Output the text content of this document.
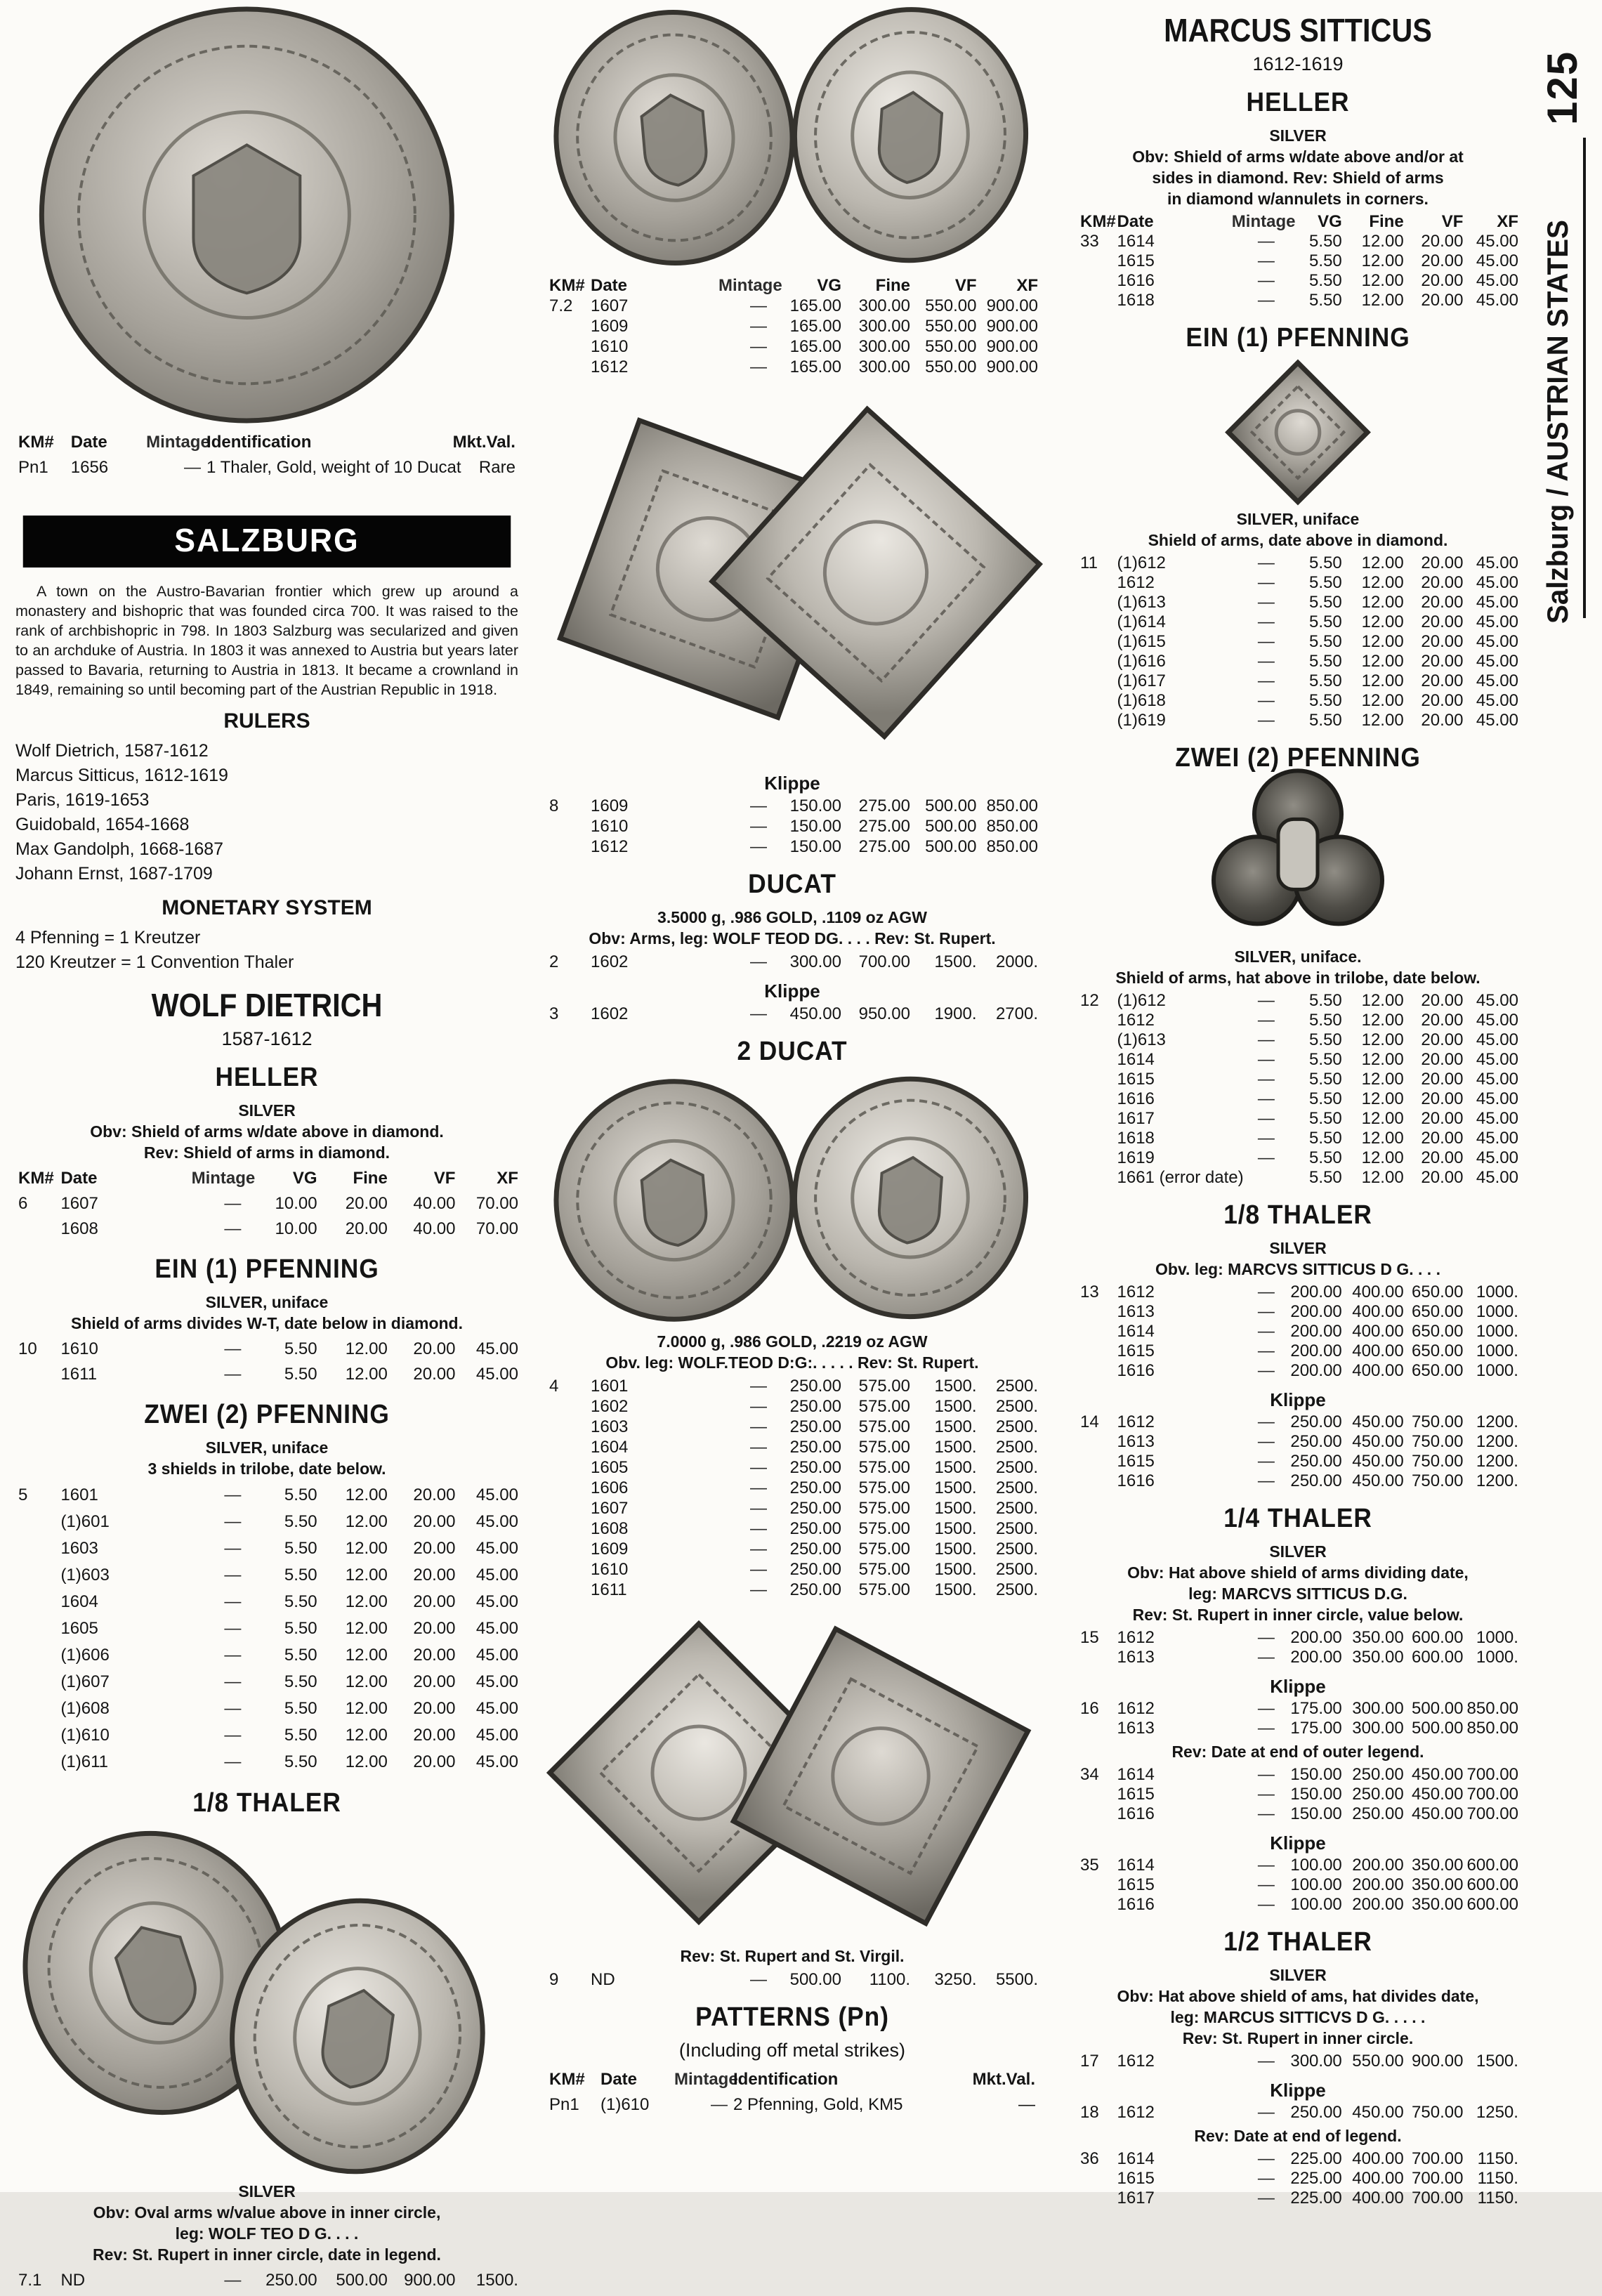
KM#	Date	Mintage
Identification	Mkt.Val.
Pn1	1656	— 1 Thaler, Gold, weight of 10 Ducat	Rare
SALZBURG
A town on the Austro-Bavarian frontier which grew up around a monastery and bishopric that was founded circa 700. It was raised to the rank of archbishopric in 798. In 1803 Salzburg was secularized and given to an archduke of Austria. In 1803 it was annexed to Austria but years later passed to Bavaria, returning to Austria in 1813. It became a crownland in 1849, remaining so until becoming part of the Austrian Republic in 1918.
RULERS
Wolf Dietrich, 1587-1612
Marcus Sitticus, 1612-1619
Paris, 1619-1653
Guidobald, 1654-1668
Max Gandolph, 1668-1687
Johann Ernst, 1687-1709
MONETARY SYSTEM
4 Pfenning = 1 Kreutzer
120 Kreutzer = 1 Convention Thaler
WOLF DIETRICH
1587-1612
HELLER
SILVER
Obv: Shield of arms w/date above in diamond.
Rev: Shield of arms in diamond.
KM# Date	Mintage	VG	Fine	VF	XF
6	1607	—	10.00	20.00	40.00	70.00
1608	—	10.00	20.00	40.00	70.00
EIN (1) PFENNING
SILVER, uniface
Shield of arms divides W-T, date below in diamond.
10	1610	—	5.50	12.00	20.00	45.00
1611	—	5.50	12.00	20.00	45.00
ZWEI (2) PFENNING
SILVER, uniface
3 shields in trilobe, date below.
5	1601	—	5.50	12.00	20.00	45.00
(1)601	—	5.50	12.00	20.00	45.00
1603	—	5.50	12.00	20.00	45.00
(1)603	—	5.50	12.00	20.00	45.00
1604	—	5.50	12.00	20.00	45.00
1605	—	5.50	12.00	20.00	45.00
(1)606	—	5.50	12.00	20.00	45.00
(1)607	—	5.50	12.00	20.00	45.00
(1)608	—	5.50	12.00	20.00	45.00
(1)610	—	5.50	12.00	20.00	45.00
(1)611	—	5.50	12.00	20.00	45.00
1/8 THALER
SILVER
Obv: Oval arms w/value above in inner circle,
leg: WOLF TEO D G. . . .
Rev: St. Rupert in inner circle, date in legend.
7.1	ND	—	250.00	500.00 900.00	1500.
KM# Date	Mintage	VG	Fine	VF	XF
7.2	1607	—	165.00	300.00 550.00 900.00
1609	—	165.00	300.00 550.00 900.00
1610	—	165.00	300.00 550.00 900.00
1612	—	165.00	300.00 550.00 900.00
Klippe
8	1609	—	150.00	275.00 500.00 850.00
1610	—	150.00	275.00 500.00 850.00
1612	—	150.00	275.00 500.00 850.00
DUCAT
3.5000 g, .986 GOLD, .1109 oz AGW
Obv: Arms, leg: WOLF TEOD DG. . . . Rev: St. Rupert.
2	1602	—	300.00	700.00	1500.	2000.
Klippe
3	1602	—	450.00	950.00	1900.	2700.
2 DUCAT
7.0000 g, .986 GOLD, .2219 oz AGW
Obv. leg: WOLF.TEOD D:G:. . . . . Rev: St. Rupert.
4	1601	—	250.00	575.00	1500.	2500.
1602	—	250.00	575.00	1500.	2500.
1603	—	250.00	575.00	1500.	2500.
1604	—	250.00	575.00	1500.	2500.
1605	—	250.00	575.00	1500.	2500.
1606	—	250.00	575.00	1500.	2500.
1607	—	250.00	575.00	1500.	2500.
1608	—	250.00	575.00	1500.	2500.
1609	—	250.00	575.00	1500.	2500.
1610	—	250.00	575.00	1500.	2500.
1611	—	250.00	575.00	1500.	2500.
Rev: St. Rupert and St. Virgil.
9	ND	—	500.00	1100.	3250.	5500.
PATTERNS (Pn)
(Including off metal strikes)
KM# Date	Mintage
Identification	Mkt.Val.
Pn1	(1)610	— 2 Pfenning, Gold, KM5	—
MARCUS SITTICUS
1612-1619
HELLER
SILVER
Obv: Shield of arms w/date above and/or at
sides in diamond. Rev: Shield of arms
in diamond w/annulets in corners.
KM# Date	Mintage	VG	Fine	VF	XF
33	1614	—	5.50	12.00	20.00 45.00
1615	—	5.50	12.00	20.00 45.00
1616	—	5.50	12.00	20.00 45.00
1618	—	5.50	12.00	20.00 45.00
EIN (1) PFENNING
SILVER, uniface
Shield of arms, date above in diamond.
11	(1)612	—	5.50	12.00	20.00 45.00
1612	—	5.50	12.00	20.00 45.00
(1)613	—	5.50	12.00	20.00 45.00
(1)614	—	5.50	12.00	20.00 45.00
(1)615	—	5.50	12.00	20.00 45.00
(1)616	—	5.50	12.00	20.00 45.00
(1)617	—	5.50	12.00	20.00 45.00
(1)618	—	5.50	12.00	20.00 45.00
(1)619	—	5.50	12.00	20.00 45.00
ZWEI (2) PFENNING
SILVER, uniface.
Shield of arms, hat above in trilobe, date below.
12	(1)612	—	5.50	12.00	20.00 45.00
1612	—	5.50	12.00	20.00 45.00
(1)613	—	5.50	12.00	20.00 45.00
1614	—	5.50	12.00	20.00 45.00
1615	—	5.50	12.00	20.00 45.00
1616	—	5.50	12.00	20.00 45.00
1617	—	5.50	12.00	20.00 45.00
1618	—	5.50	12.00	20.00 45.00
1619	—	5.50	12.00	20.00 45.00
1661 (error date)	5.50	12.00	20.00 45.00
1/8 THALER
SILVER
Obv. leg: MARCVS SITTICUS D G. . . .
13	1612	— 200.00 400.00 650.00 1000.
1613	— 200.00 400.00 650.00 1000.
1614	— 200.00 400.00 650.00 1000.
1615	— 200.00 400.00 650.00 1000.
1616	— 200.00 400.00 650.00 1000.
Klippe
14	1612	— 250.00 450.00 750.00 1200.
1613	— 250.00 450.00 750.00 1200.
1615	— 250.00 450.00 750.00 1200.
1616	— 250.00 450.00 750.00 1200.
1/4 THALER
SILVER
Obv: Hat above shield of arms dividing date,
leg: MARCVS SITTICUS D.G.
Rev: St. Rupert in inner circle, value below.
15	1612	— 200.00 350.00 600.00 1000.
1613	— 200.00 350.00 600.00 1000.
Klippe
16	1612	— 175.00 300.00 500.00 850.00
1613	— 175.00 300.00 500.00 850.00
Rev: Date at end of outer legend.
34	1614	— 150.00 250.00 450.00 700.00
1615	— 150.00 250.00 450.00 700.00
1616	— 150.00 250.00 450.00 700.00
Klippe
35	1614	— 100.00 200.00 350.00 600.00
1615	— 100.00 200.00 350.00 600.00
1616	— 100.00 200.00 350.00 600.00
1/2 THALER
SILVER
Obv: Hat above shield of ams, hat divides date,
leg: MARCUS SITTICVS D G. . . . .
Rev: St. Rupert in inner circle.
17	1612	— 300.00 550.00 900.00 1500.
Klippe
18	1612	— 250.00 450.00 750.00 1250.
Rev: Date at end of legend.
36	1614	— 225.00 400.00 700.00 1150.
1615	— 225.00 400.00 700.00 1150.
1617	— 225.00 400.00 700.00 1150.
125
Salzburg / AUSTRIAN STATES
